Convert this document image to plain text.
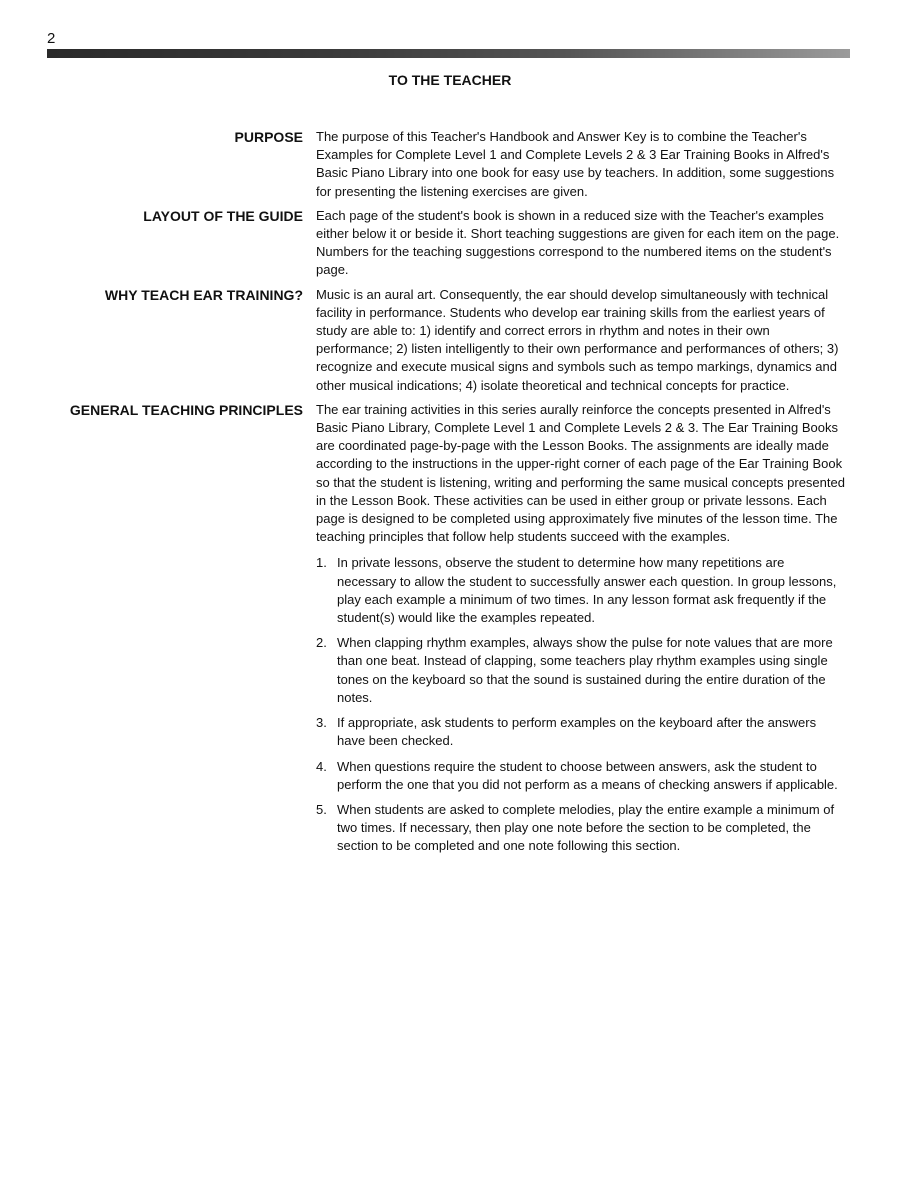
2
TO THE TEACHER
PURPOSE The purpose of this Teacher's Handbook and Answer Key is to combine the Teacher's Examples for Complete Level 1 and Complete Levels 2 & 3 Ear Training Books in Alfred's Basic Piano Library into one book for easy use by teachers. In addition, some suggestions for presenting the listening exercises are given.
LAYOUT OF THE GUIDE Each page of the student's book is shown in a reduced size with the Teacher's examples either below it or beside it. Short teaching suggestions are given for each item on the page. Numbers for the teaching suggestions correspond to the numbered items on the student's page.
WHY TEACH EAR TRAINING? Music is an aural art. Consequently, the ear should develop simultaneously with technical facility in performance. Students who develop ear training skills from the earliest years of study are able to: 1) identify and correct errors in rhythm and notes in their own performance; 2) listen intelligently to their own performance and performances of others; 3) recognize and execute musical signs and symbols such as tempo markings, dynamics and other musical indications; 4) isolate theoretical and technical concepts for practice.
GENERAL TEACHING PRINCIPLES The ear training activities in this series aurally reinforce the concepts presented in Alfred's Basic Piano Library, Complete Level 1 and Complete Levels 2 & 3. The Ear Training Books are coordinated page-by-page with the Lesson Books. The assignments are ideally made according to the instructions in the upper-right corner of each page of the Ear Training Book so that the student is listening, writing and performing the same musical concepts presented in the Lesson Book. These activities can be used in either group or private lessons. Each page is designed to be completed using approximately five minutes of the lesson time. The teaching principles that follow help students succeed with the examples.
1. In private lessons, observe the student to determine how many repetitions are necessary to allow the student to successfully answer each question. In group lessons, play each example a minimum of two times. In any lesson format ask frequently if the student(s) would like the examples repeated.
2. When clapping rhythm examples, always show the pulse for note values that are more than one beat. Instead of clapping, some teachers play rhythm examples using single tones on the keyboard so that the sound is sustained during the entire duration of the notes.
3. If appropriate, ask students to perform examples on the keyboard after the answers have been checked.
4. When questions require the student to choose between answers, ask the student to perform the one that you did not perform as a means of checking answers if applicable.
5. When students are asked to complete melodies, play the entire example a minimum of two times. If necessary, then play one note before the section to be completed, the section to be completed and one note following this section.
